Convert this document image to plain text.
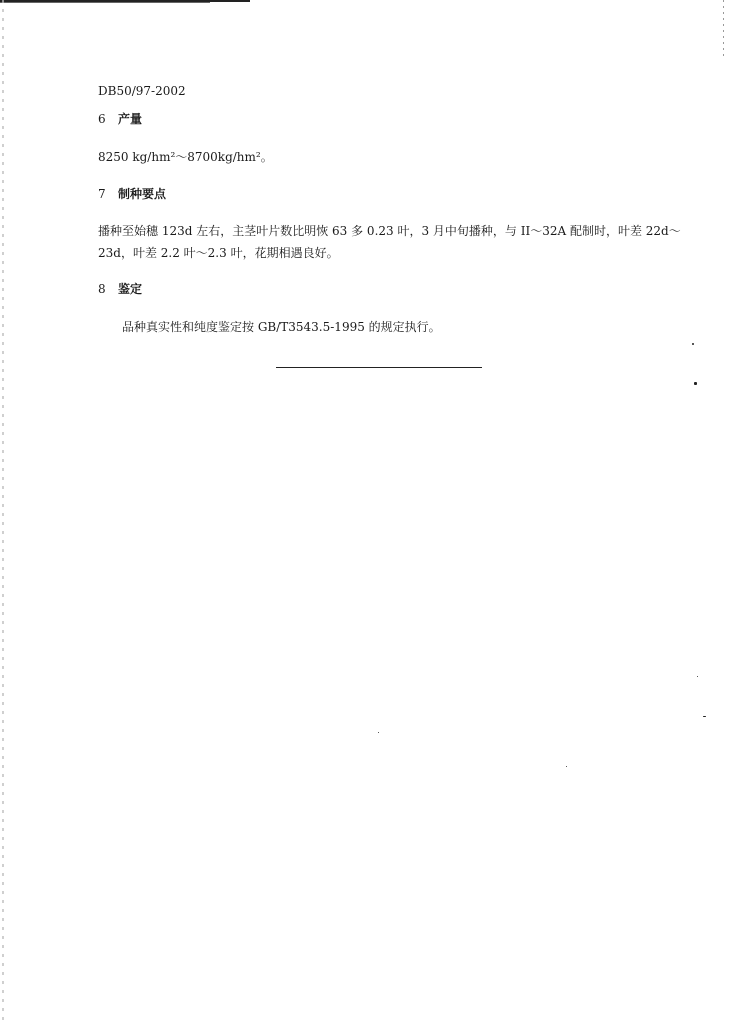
DB50/97-2002
6 产量
8250 kg/hm²～8700kg/hm²。
7 制种要点
播种至始穗 123d 左右，主茎叶片数比明恢 63 多 0.23 叶，3 月中旬播种，与 II～32A 配制时，叶差 22d～
23d，叶差 2.2 叶～2.3 叶，花期相遇良好。
8 鉴定
品种真实性和纯度鉴定按 GB/T3543.5-1995 的规定执行。
